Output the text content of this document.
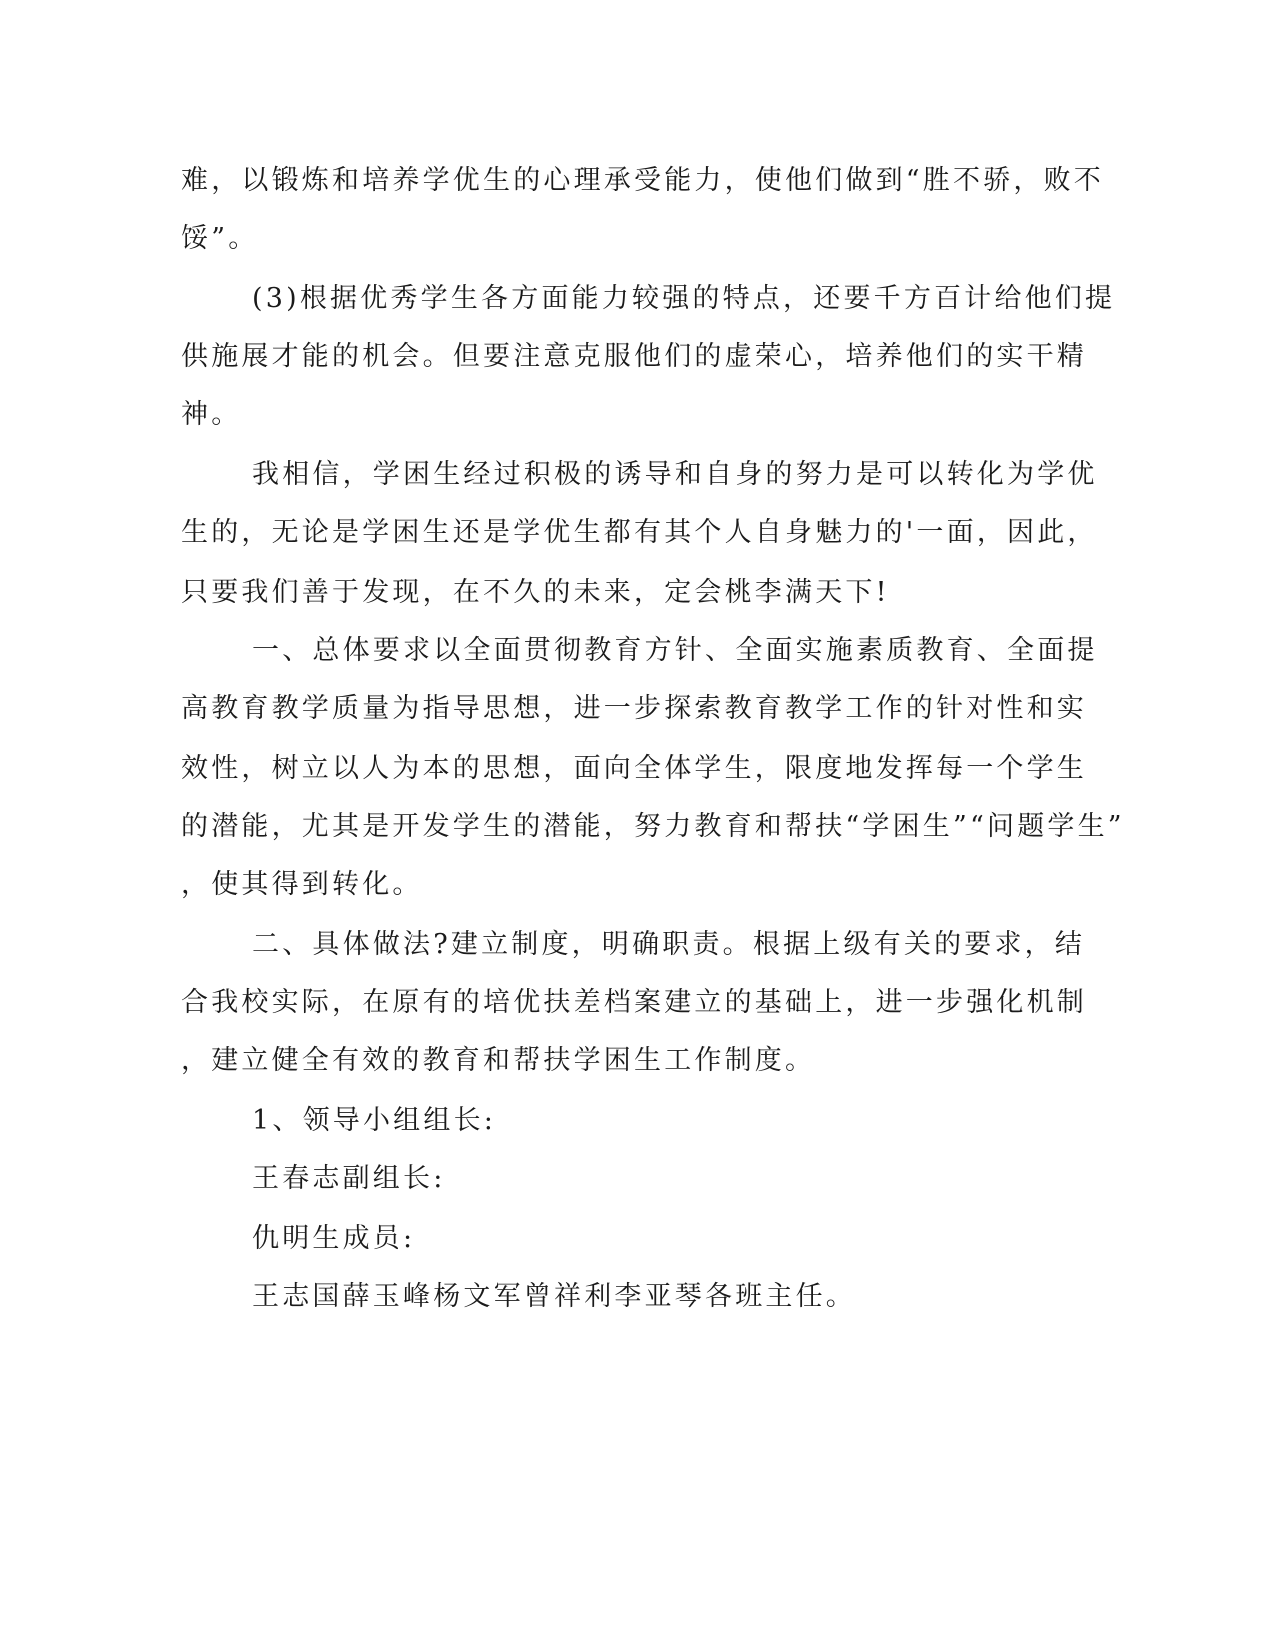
难，以锻炼和培养学优生的心理承受能力，使他们做到“胜不骄，败不
馁”。
(3)根据优秀学生各方面能力较强的特点，还要千方百计给他们提
供施展才能的机会。但要注意克服他们的虚荣心，培养他们的实干精
神。
我相信，学困生经过积极的诱导和自身的努力是可以转化为学优
生的，无论是学困生还是学优生都有其个人自身魅力的'一面，因此，
只要我们善于发现，在不久的未来，定会桃李满天下!
一、总体要求以全面贯彻教育方针、全面实施素质教育、全面提
高教育教学质量为指导思想，进一步探索教育教学工作的针对性和实
效性，树立以人为本的思想，面向全体学生，限度地发挥每一个学生
的潜能，尤其是开发学生的潜能，努力教育和帮扶“学困生”“问题学生”
，使其得到转化。
二、具体做法?建立制度，明确职责。根据上级有关的要求，结
合我校实际，在原有的培优扶差档案建立的基础上，进一步强化机制
，建立健全有效的教育和帮扶学困生工作制度。
1、领导小组组长:
王春志副组长:
仇明生成员:
王志国薛玉峰杨文军曾祥利李亚琴各班主任。
